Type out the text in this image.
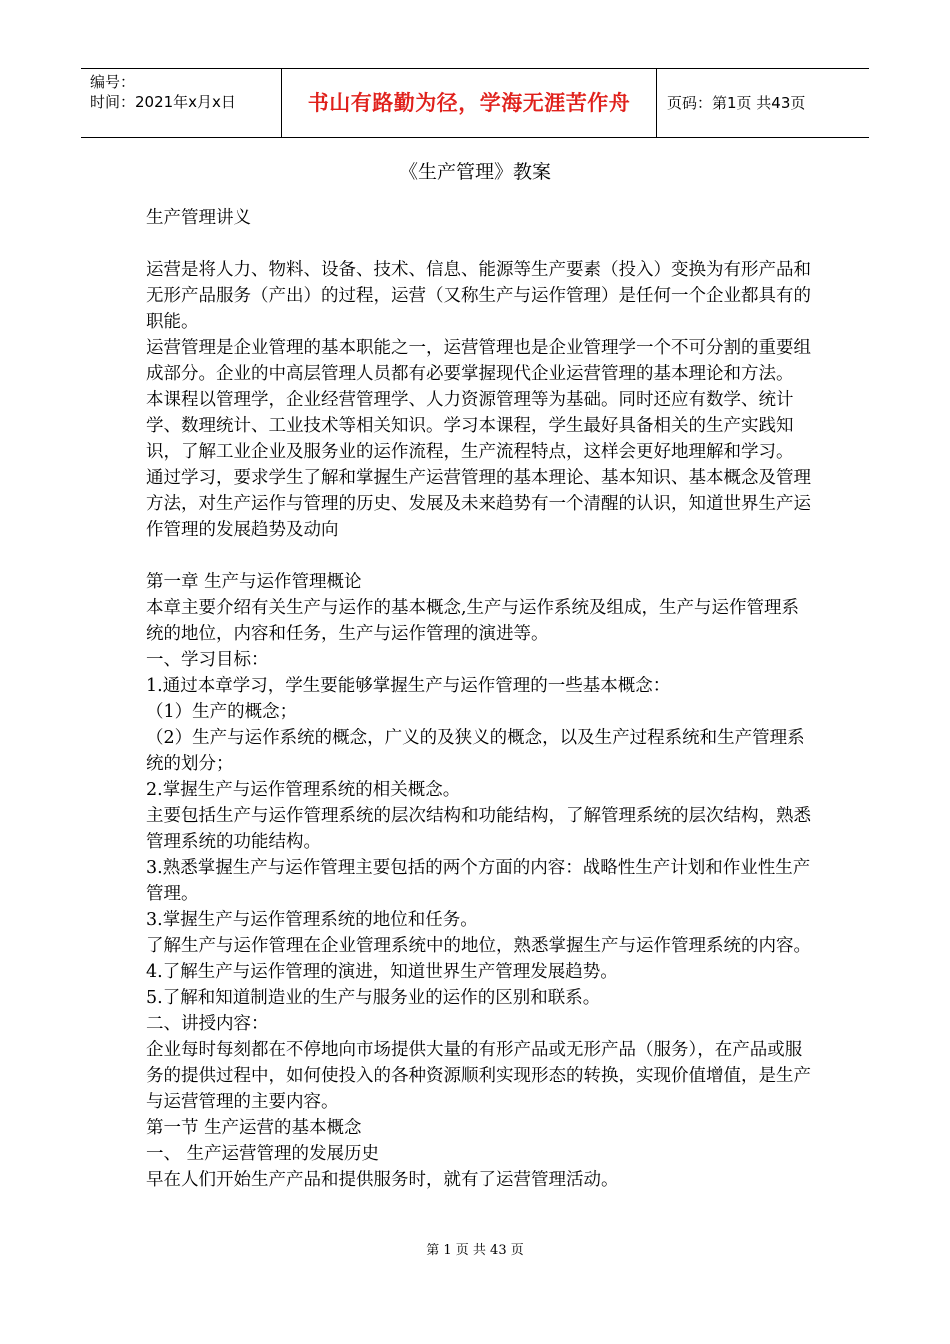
编号：
时间：2021年x月x日	书山有路勤为径，学海无涯苦作舟	页码：第1页 共43页
《生产管理》教案

生产管理讲义

运营是将人力、物料、设备、技术、信息、能源等生产要素（投入）变换为有形产品和无形产品服务（产出）的过程，运营（又称生产与运作管理）是任何一个企业都具有的职能。

运营管理是企业管理的基本职能之一，运营管理也是企业管理学一个不可分割的重要组成部分。企业的中高层管理人员都有必要掌握现代企业运营管理的基本理论和方法。

本课程以管理学，企业经营管理学、人力资源管理等为基础。同时还应有数学、统计学、数理统计、工业技术等相关知识。学习本课程，学生最好具备相关的生产实践知识，了解工业企业及服务业的运作流程，生产流程特点，这样会更好地理解和学习。

通过学习，要求学生了解和掌握生产运营管理的基本理论、基本知识、基本概念及管理方法，对生产运作与管理的历史、发展及未来趋势有一个清醒的认识，知道世界生产运作管理的发展趋势及动向

第一章 生产与运作管理概论

本章主要介绍有关生产与运作的基本概念,生产与运作系统及组成，生产与运作管理系统的地位，内容和任务，生产与运作管理的演进等。

一、学习目标：

1.通过本章学习，学生要能够掌握生产与运作管理的一些基本概念：

（1）生产的概念；

（2）生产与运作系统的概念，广义的及狭义的概念，以及生产过程系统和生产管理系统的划分；

2.掌握生产与运作管理系统的相关概念。

主要包括生产与运作管理系统的层次结构和功能结构，了解管理系统的层次结构，熟悉管理系统的功能结构。

3.熟悉掌握生产与运作管理主要包括的两个方面的内容：战略性生产计划和作业性生产管理。

3.掌握生产与运作管理系统的地位和任务。

了解生产与运作管理在企业管理系统中的地位，熟悉掌握生产与运作管理系统的内容。

4.了解生产与运作管理的演进，知道世界生产管理发展趋势。

5.了解和知道制造业的生产与服务业的运作的区别和联系。

二、讲授内容：

企业每时每刻都在不停地向市场提供大量的有形产品或无形产品（服务），在产品或服务的提供过程中，如何使投入的各种资源顺利实现形态的转换，实现价值增值，是生产与运营管理的主要内容。

第一节 生产运营的基本概念

一、 生产运营管理的发展历史

早在人们开始生产产品和提供服务时，就有了运营管理活动。

第 1 页 共 43 页
